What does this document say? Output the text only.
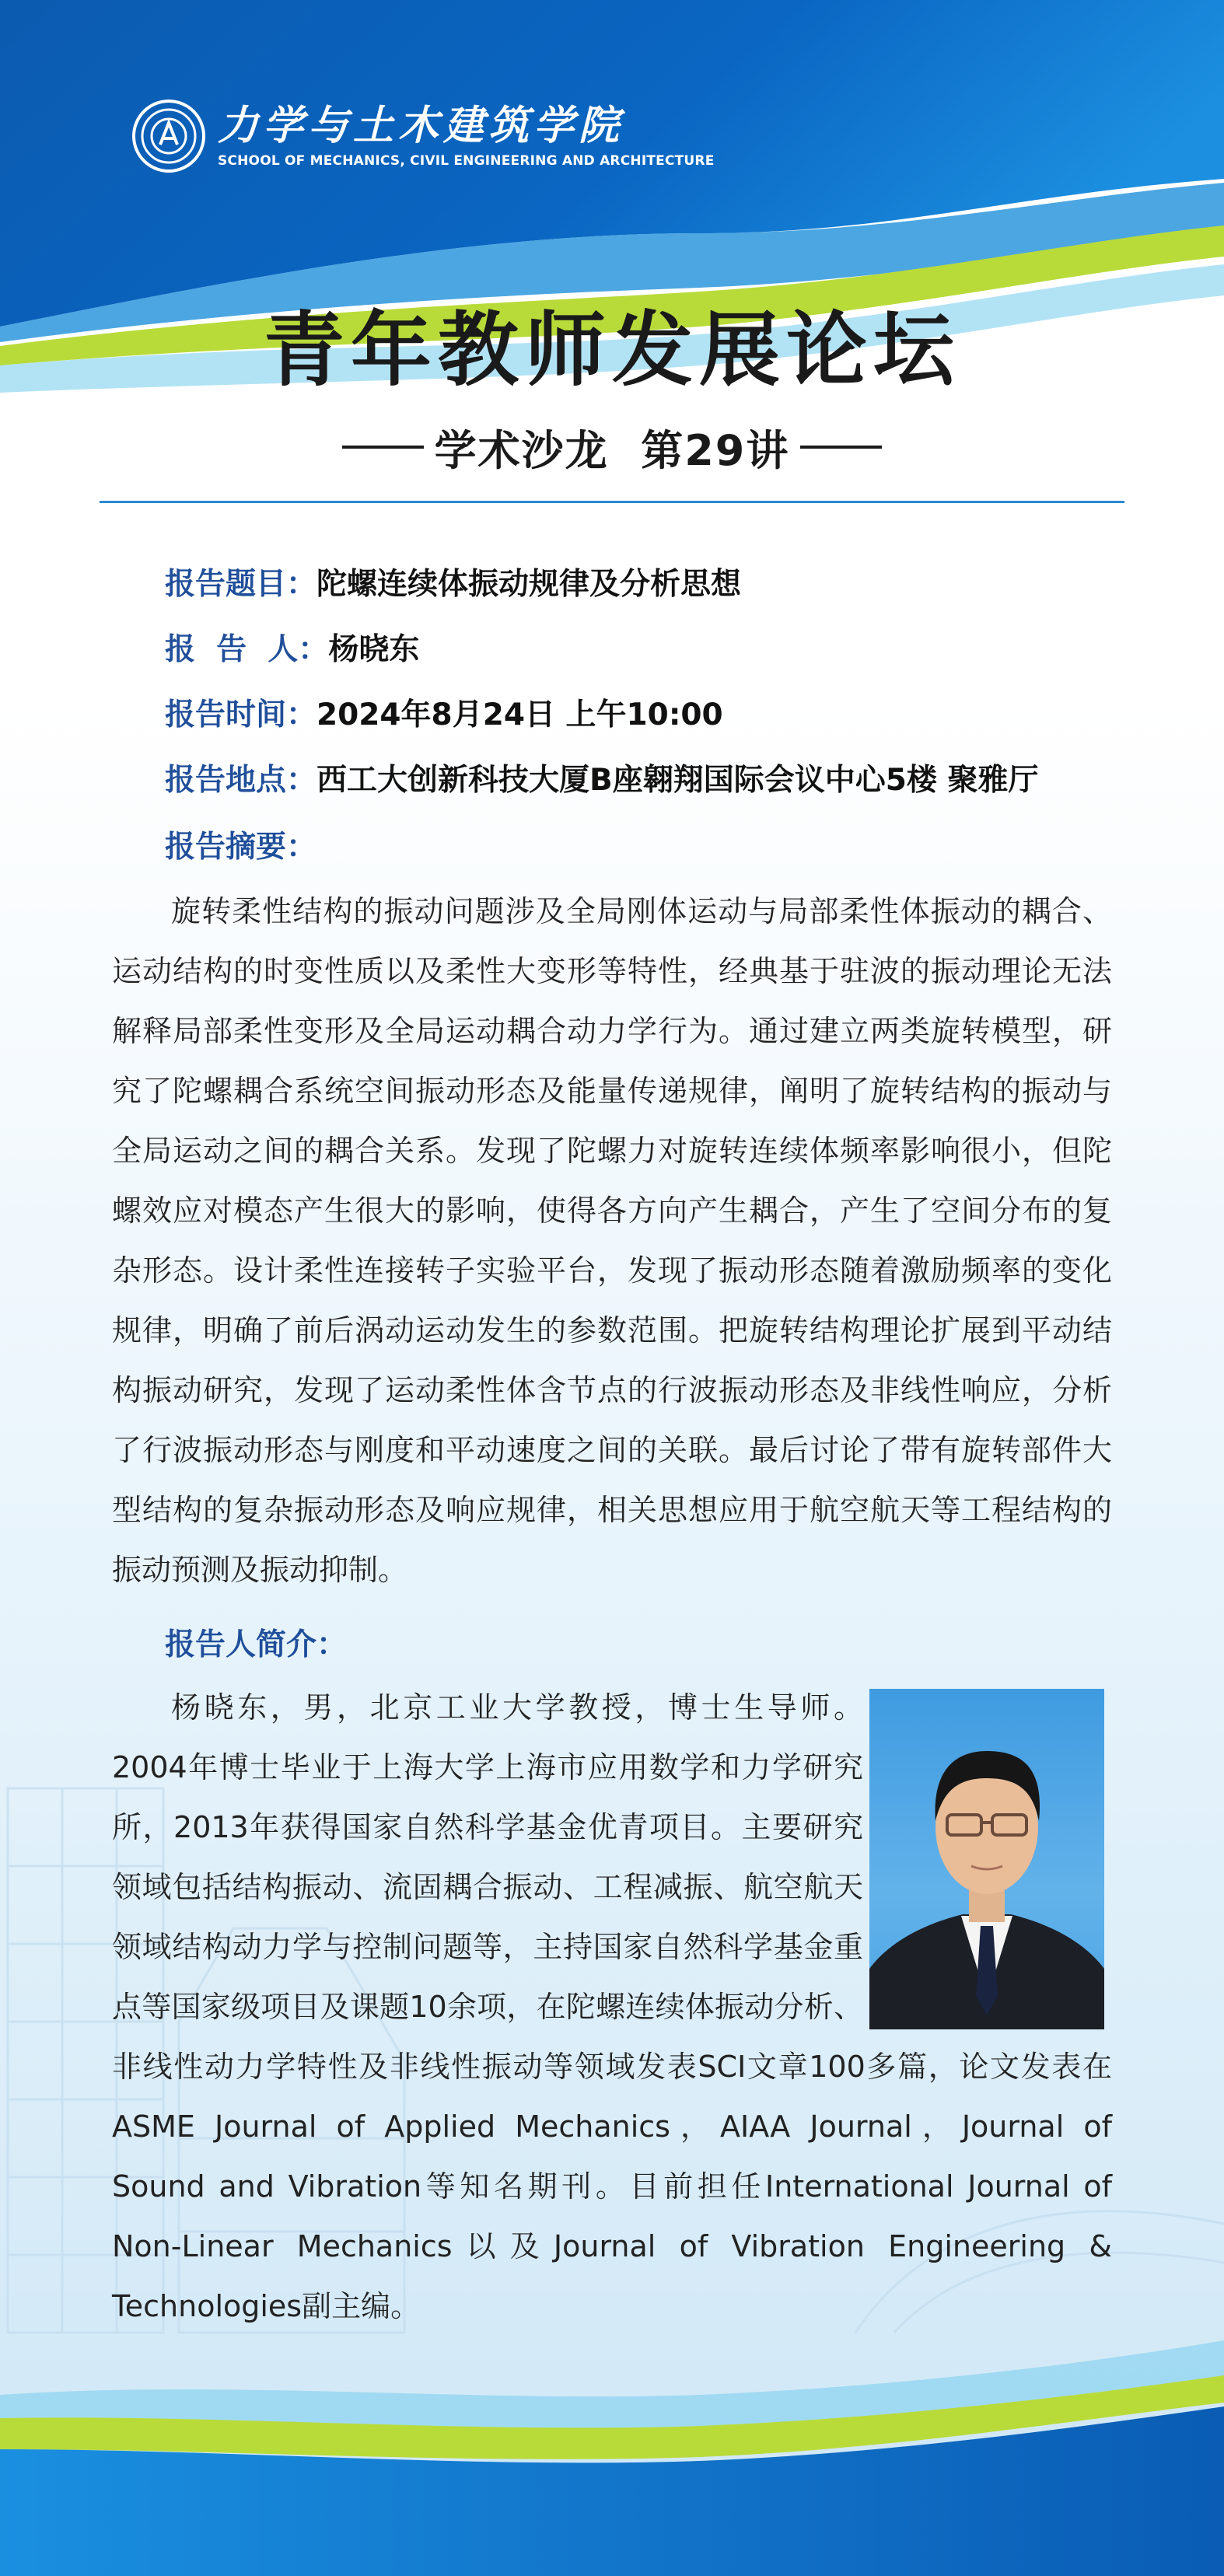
力学与土木建筑学院
SCHOOL OF MECHANICS, CIVIL ENGINEERING AND ARCHITECTURE
青年教师发展论坛
学术沙龙  第29讲
报告题目：陀螺连续体振动规律及分析思想
报  告  人：杨晓东
报告时间：2024年8月24日 上午10:00
报告地点：西工大创新科技大厦B座翱翔国际会议中心5楼 聚雅厅
报告摘要：

旋转柔性结构的振动问题涉及全局刚体运动与局部柔性体振动的耦合、运动结构的时变性质以及柔性大变形等特性，经典基于驻波的振动理论无法解释局部柔性变形及全局运动耦合动力学行为。通过建立两类旋转模型，研究了陀螺耦合系统空间振动形态及能量传递规律，阐明了旋转结构的振动与全局运动之间的耦合关系。发现了陀螺力对旋转连续体频率影响很小，但陀螺效应对模态产生很大的影响，使得各方向产生耦合，产生了空间分布的复杂形态。设计柔性连接转子实验平台，发现了振动形态随着激励频率的变化规律，明确了前后涡动运动发生的参数范围。把旋转结构理论扩展到平动结构振动研究，发现了运动柔性体含节点的行波振动形态及非线性响应，分析了行波振动形态与刚度和平动速度之间的关联。最后讨论了带有旋转部件大型结构的复杂振动形态及响应规律，相关思想应用于航空航天等工程结构的振动预测及振动抑制。

报告人简介：

杨晓东，男，北京工业大学教授，博士生导师。2004年博士毕业于上海大学上海市应用数学和力学研究所，2013年获得国家自然科学基金优青项目。主要研究领域包括结构振动、流固耦合振动、工程减振、航空航天领域结构动力学与控制问题等，主持国家自然科学基金重点等国家级项目及课题10余项，在陀螺连续体振动分析、非线性动力学特性及非线性振动等领域发表SCI文章100多篇，论文发表在ASME Journal of Applied Mechanics，AIAA Journal，Journal of Sound and Vibration等知名期刊。目前担任International Journal of Non-Linear Mechanics以及Journal of Vibration Engineering & Technologies副主编。
